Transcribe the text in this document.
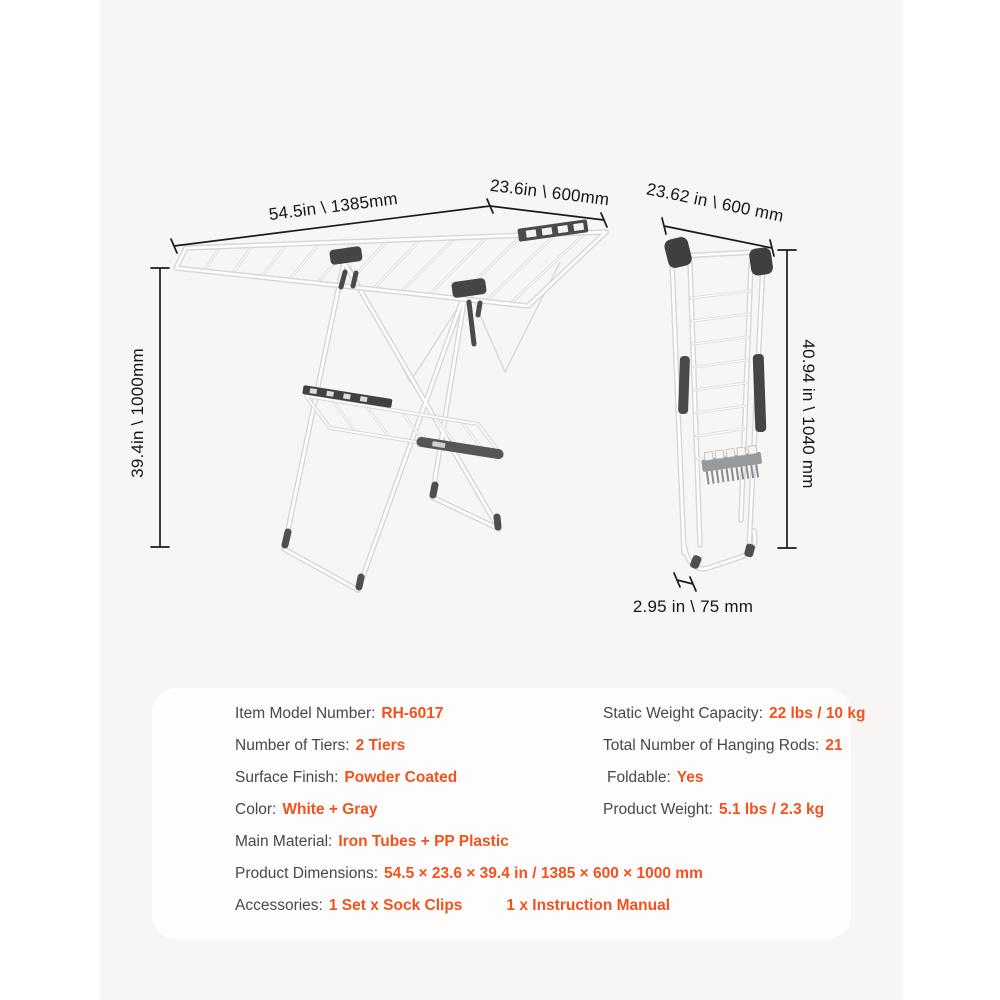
54.5in \ 1385mm	23.6in \ 600mm
39.4in \ 1000mm
23.62 in \ 600 mm
40.94 in \ 1040 mm
2.95 in \ 75 mm
Item Model Number: RH-6017
Number of Tiers: 2 Tiers
Surface Finish: Powder Coated
Color: White + Gray
Main Material: Iron Tubes + PP Plastic
Product Dimensions: 54.5 × 23.6 × 39.4 in / 1385 × 600 × 1000 mm
Accessories: 1 Set x Sock Clips	1 x Instruction Manual
Static Weight Capacity: 22 lbs / 10 kg
Total Number of Hanging Rods: 21
Foldable: Yes
Product Weight: 5.1 lbs / 2.3 kg
